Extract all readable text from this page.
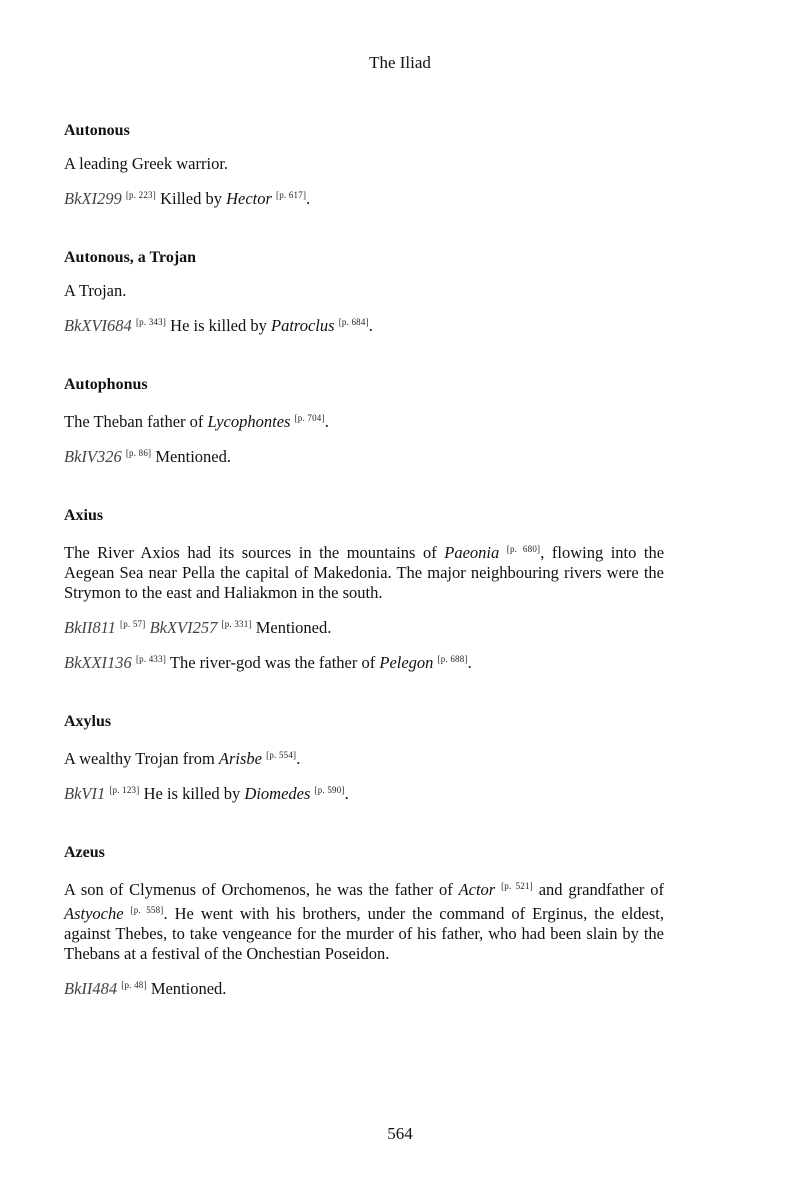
The Iliad
Autonous

A leading Greek warrior.

BkXI299 [p. 223] Killed by Hector [p. 617].

Autonous, a Trojan

A Trojan.

BkXVI684 [p. 343] He is killed by Patroclus [p. 684].

Autophonus

The Theban father of Lycophontes [p. 704].

BkIV326 [p. 86] Mentioned.

Axius

The River Axios had its sources in the mountains of Paeonia [p. 680], flowing into the Aegean Sea near Pella the capital of Makedonia. The major neighbouring rivers were the Strymon to the east and Haliakmon in the south.

BkII811 [p. 57] BkXVI257 [p. 331] Mentioned.

BkXXI136 [p. 433] The river-god was the father of Pelegon [p. 688].

Axylus

A wealthy Trojan from Arisbe [p. 554].

BkVI1 [p. 123] He is killed by Diomedes [p. 590].

Azeus

A son of Clymenus of Orchomenos, he was the father of Actor [p. 521] and grandfather of Astyoche [p. 558]. He went with his brothers, under the command of Erginus, the eldest, against Thebes, to take vengeance for the murder of his father, who had been slain by the Thebans at a festival of the Onchestian Poseidon.

BkII484 [p. 48] Mentioned.

564
